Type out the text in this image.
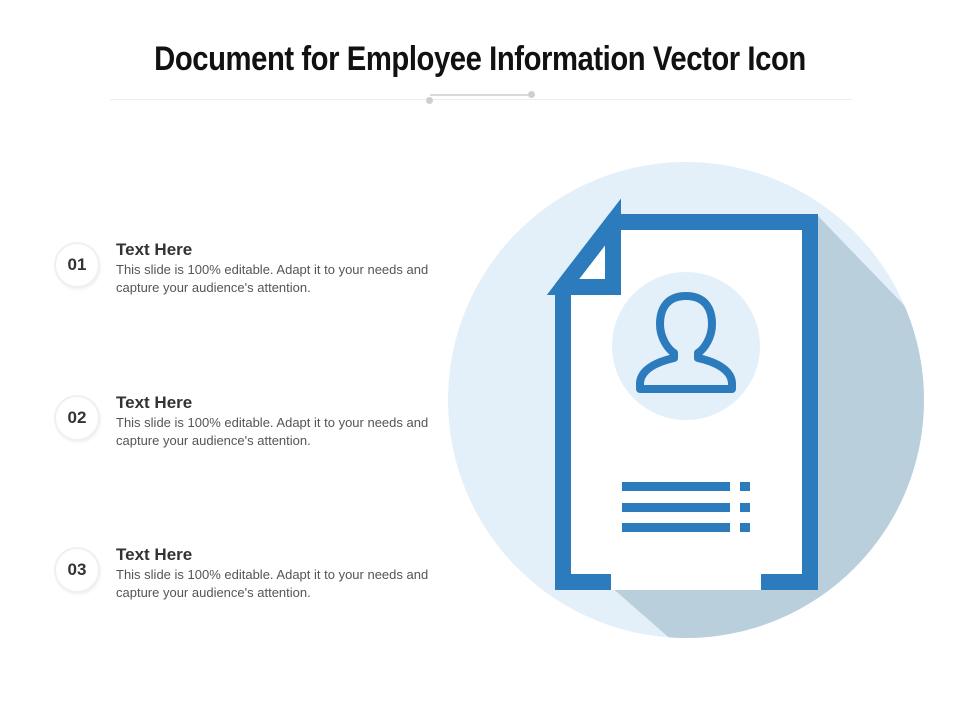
Document for Employee Information Vector Icon
01
Text Here
This slide is 100% editable. Adapt it to your needs and capture your audience's attention.
02
Text Here
This slide is 100% editable. Adapt it to your needs and capture your audience's attention.
03
Text Here
This slide is 100% editable. Adapt it to your needs and capture your audience's attention.
